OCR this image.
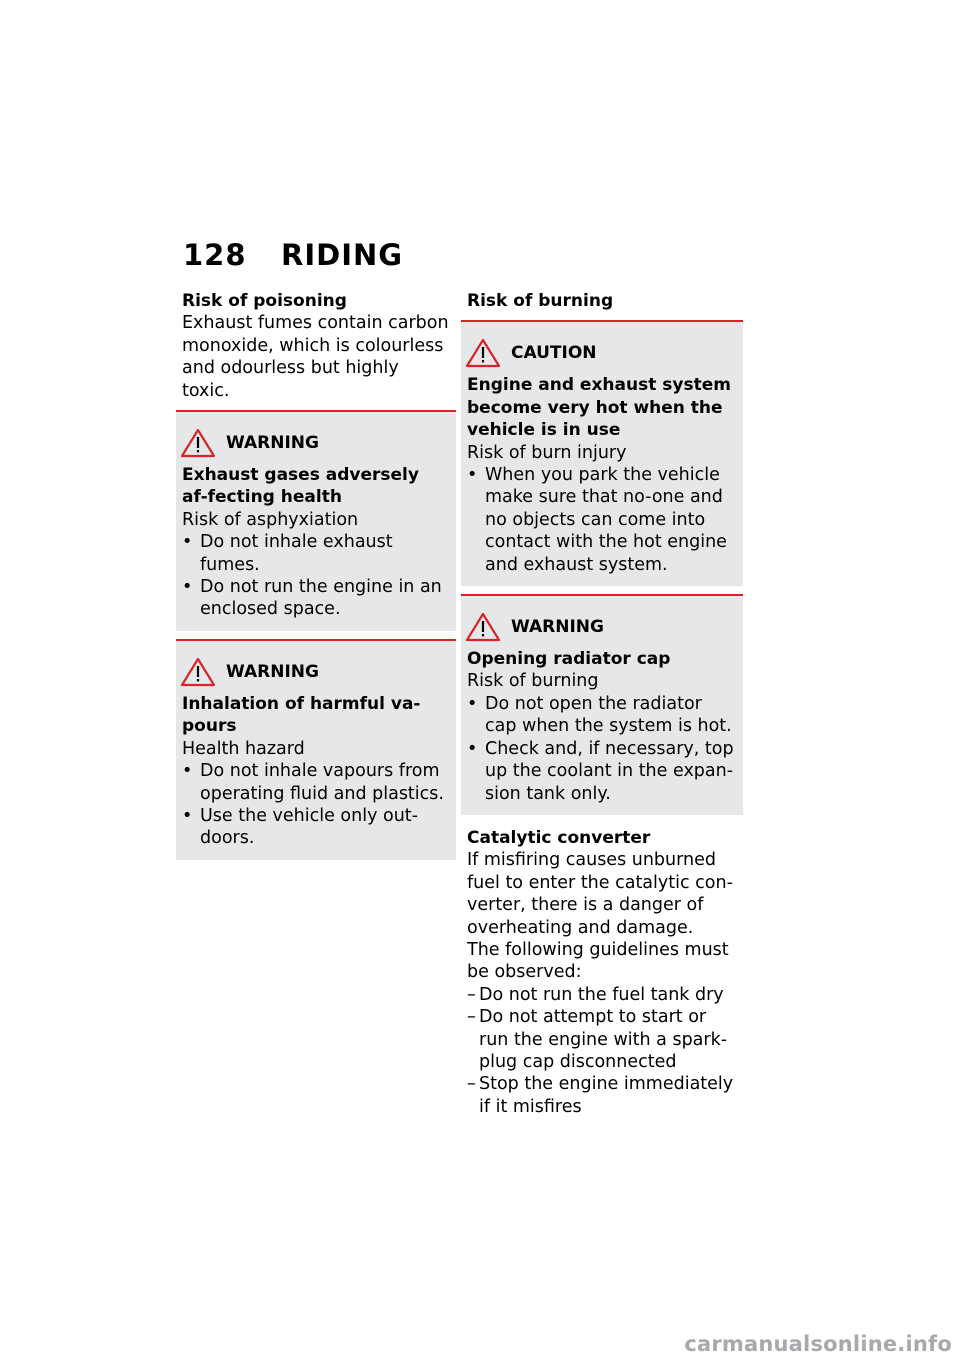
128 RIDING

Risk of poisoning

Exhaust fumes contain carbon monoxide, which is colourless and odourless but highly toxic.

WARNING

Exhaust gases adversely af-fecting health

Risk of asphyxiation

• Do not inhale exhaust fumes.

• Do not run the engine in an enclosed space.

WARNING

Inhalation of harmful va-pours

Health hazard

• Do not inhale vapours from operating fluid and plastics.

• Use the vehicle only out-doors.

Risk of burning

CAUTION

Engine and exhaust system become very hot when the vehicle is in use

Risk of burn injury

• When you park the vehicle make sure that no-one and no objects can come into contact with the hot engine and exhaust system.

WARNING

Opening radiator cap

Risk of burning

• Do not open the radiator cap when the system is hot.

• Check and, if necessary, top up the coolant in the expan-sion tank only.

Catalytic converter

If misfiring causes unburned fuel to enter the catalytic con-verter, there is a danger of overheating and damage.

The following guidelines must be observed:

– Do not run the fuel tank dry

– Do not attempt to start or run the engine with a spark-plug cap disconnected

– Stop the engine immediately if it misfires

carmanualsonline.info
